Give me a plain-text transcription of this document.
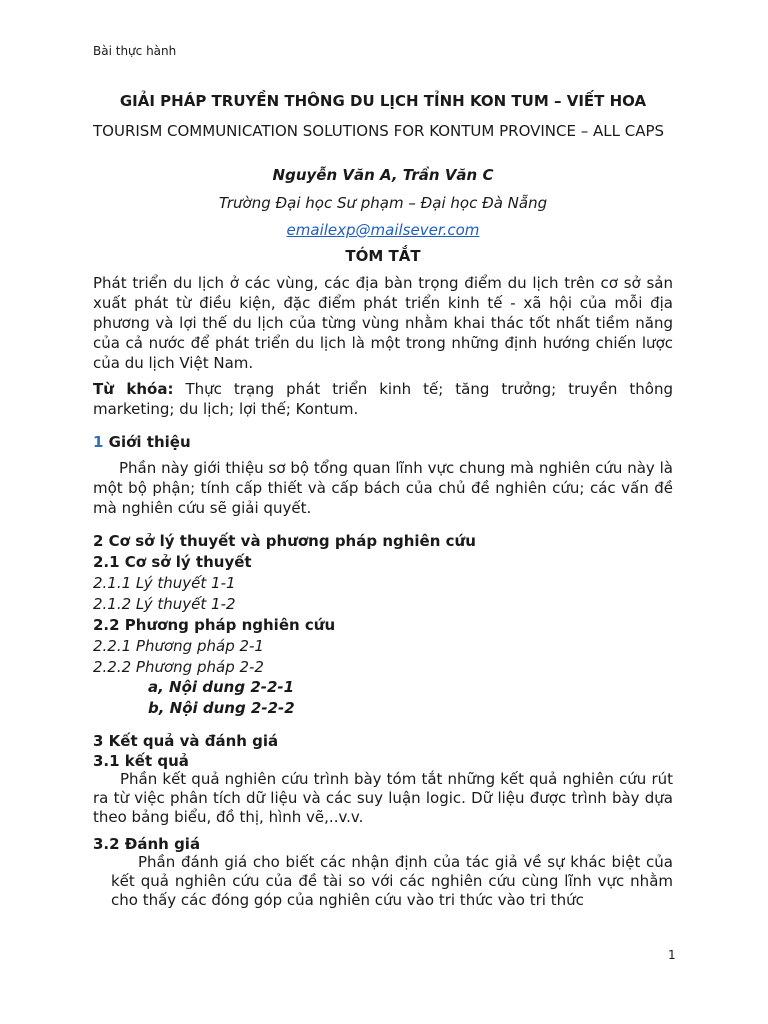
Bài thực hành
GIẢI PHÁP TRUYỀN THÔNG DU LỊCH TỈNH KON TUM – VIẾT HOA
TOURISM COMMUNICATION SOLUTIONS FOR KONTUM PROVINCE – ALL CAPS
Nguyễn Văn A, Trần Văn C
Trường Đại học Sư phạm – Đại học Đà Nẵng
emailexp@mailsever.com
TÓM TẮT
Phát triển du lịch ở các vùng, các địa bàn trọng điểm du lịch trên cơ sở sản xuất phát từ điều kiện, đặc điểm phát triển kinh tế - xã hội của mỗi địa phương và lợi thế du lịch của từng vùng nhằm khai thác tốt nhất tiềm năng của cả nước để phát triển du lịch là một trong những định hướng chiến lược của du lịch Việt Nam.
Từ khóa: Thực trạng phát triển kinh tế; tăng trưởng; truyền thông marketing; du lịch; lợi thế; Kontum.
1 Giới thiệu
Phần này giới thiệu sơ bộ tổng quan lĩnh vực chung mà nghiên cứu này là một bộ phận; tính cấp thiết và cấp bách của chủ đề nghiên cứu; các vấn đề mà nghiên cứu sẽ giải quyết.
2 Cơ sở lý thuyết và phương pháp nghiên cứu
2.1 Cơ sở lý thuyết
2.1.1 Lý thuyết 1-1
2.1.2 Lý thuyết 1-2
2.2 Phương pháp nghiên cứu
2.2.1 Phương pháp 2-1
2.2.2 Phương pháp 2-2
a, Nội dung 2-2-1
b, Nội dung 2-2-2
3 Kết quả và đánh giá
3.1 kết quả
Phần kết quả nghiên cứu trình bày tóm tắt những kết quả nghiên cứu rút ra từ việc phân tích dữ liệu và các suy luận logic. Dữ liệu được trình bày dựa theo bảng biểu, đồ thị, hình vẽ,..v.v.
3.2 Đánh giá
Phần đánh giá cho biết các nhận định của tác giả về sự khác biệt của kết quả nghiên cứu của đề tài so với các nghiên cứu cùng lĩnh vực nhằm cho thấy các đóng góp của nghiên cứu vào tri thức vào tri thức
1
